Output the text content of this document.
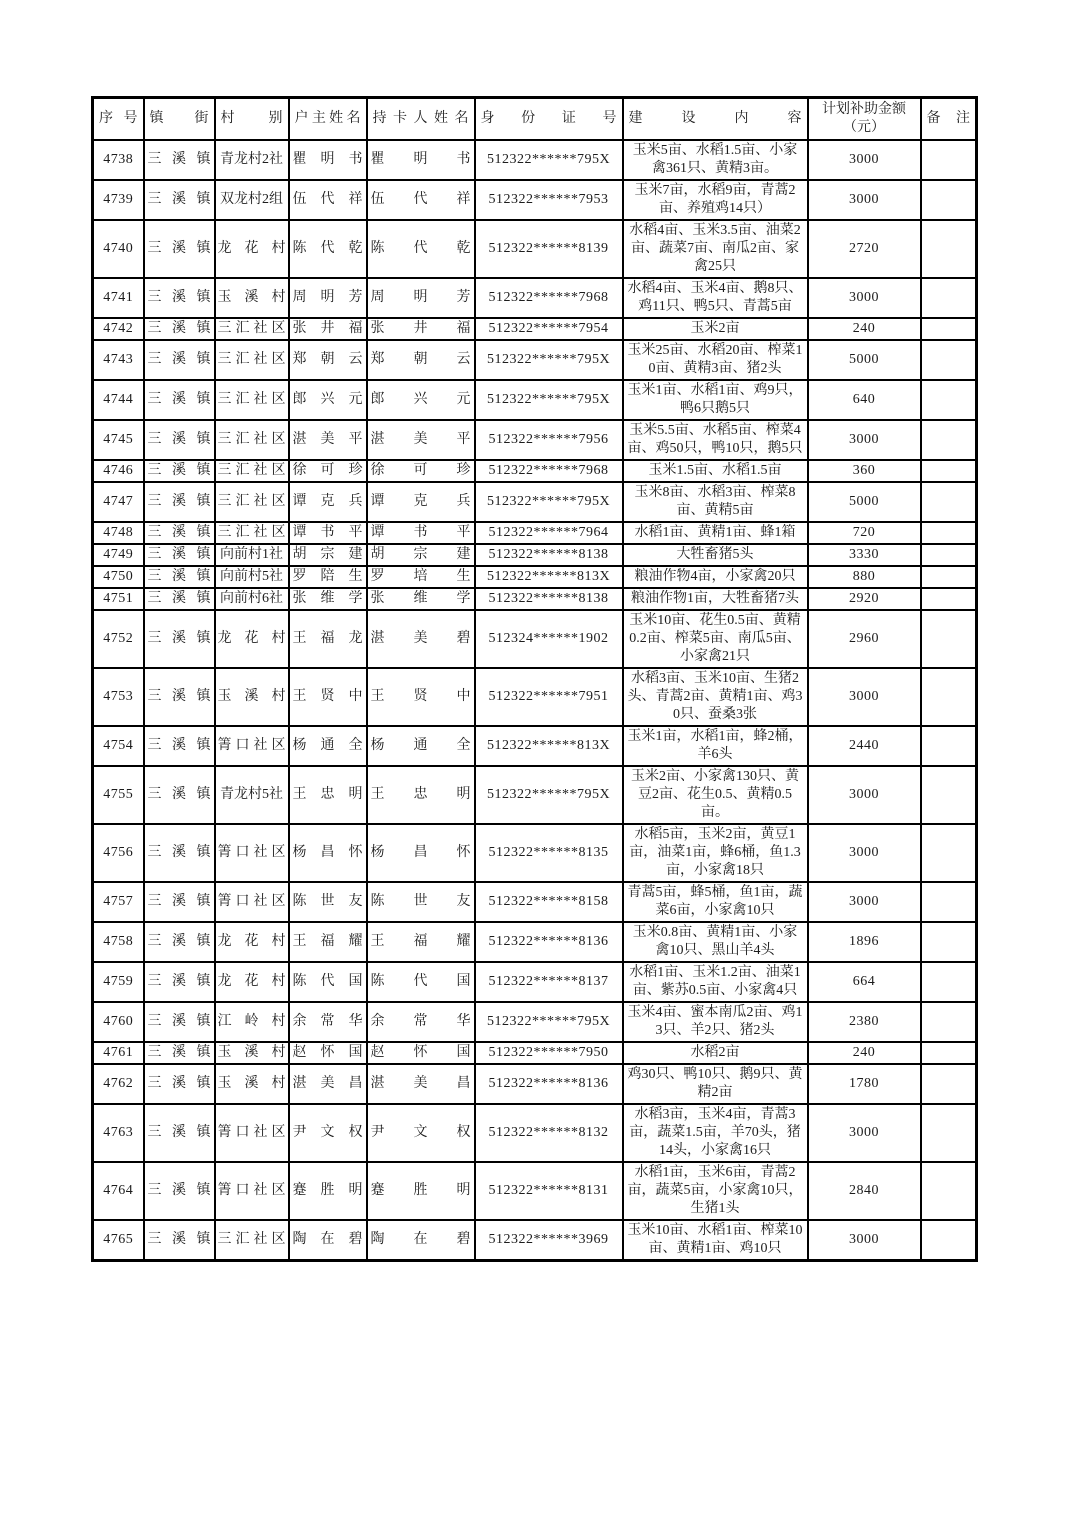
序号	镇街	村别	户主姓名	持卡人姓名	身份证号	建设内容	计划补助金额（元）	备注
4738	三溪镇	青龙村2社	瞿明书	瞿明书	512322******795X	玉米5亩、水稻1.5亩、小家禽361只、黄精3亩。	3000	
4739	三溪镇	双龙村2组	伍代祥	伍代祥	512322******7953	玉米7亩，水稻9亩，青蒿2亩、养殖鸡14只）	3000	
4740	三溪镇	龙花村	陈代乾	陈代乾	512322******8139	水稻4亩、玉米3.5亩、油菜2亩、蔬菜7亩、南瓜2亩、家禽25只	2720	
4741	三溪镇	玉溪村	周明芳	周明芳	512322******7968	水稻4亩、玉米4亩、鹅8只、鸡11只、鸭5只、青蒿5亩	3000	
4742	三溪镇	三汇社区	张井福	张井福	512322******7954	玉米2亩	240	
4743	三溪镇	三汇社区	郑朝云	郑朝云	512322******795X	玉米25亩、水稻20亩、榨菜10亩、黄精3亩、猪2头	5000	
4744	三溪镇	三汇社区	郎兴元	郎兴元	512322******795X	玉米1亩、水稻1亩、鸡9只，鸭6只鹅5只	640	
4745	三溪镇	三汇社区	湛美平	湛美平	512322******7956	玉米5.5亩、水稻5亩、榨菜4亩、鸡50只，鸭10只，鹅5只	3000	
4746	三溪镇	三汇社区	徐可珍	徐可珍	512322******7968	玉米1.5亩、水稻1.5亩	360	
4747	三溪镇	三汇社区	谭克兵	谭克兵	512322******795X	玉米8亩、水稻3亩、榨菜8亩、黄精5亩	5000	
4748	三溪镇	三汇社区	谭书平	谭书平	512322******7964	水稻1亩、黄精1亩、蜂1箱	720	
4749	三溪镇	向前村1社	胡宗建	胡宗建	512322******8138	大牲畜猪5头	3330	
4750	三溪镇	向前村5社	罗陪生	罗培生	512322******813X	粮油作物4亩，小家禽20只	880	
4751	三溪镇	向前村6社	张维学	张维学	512322******8138	粮油作物1亩，大牲畜猪7头	2920	
4752	三溪镇	龙花村	王福龙	湛美碧	512324******1902	玉米10亩、花生0.5亩、黄精0.2亩、榨菜5亩、南瓜5亩、小家禽21只	2960	
4753	三溪镇	玉溪村	王贤中	王贤中	512322******7951	水稻3亩、玉米10亩、生猪2头、青蒿2亩、黄精1亩、鸡30只、蚕桑3张	3000	
4754	三溪镇	箐口社区	杨通全	杨通全	512322******813X	玉米1亩，水稻1亩，蜂2桶，羊6头	2440	
4755	三溪镇	青龙村5社	王忠明	王忠明	512322******795X	玉米2亩、小家禽130只、黄豆2亩、花生0.5、黄精0.5亩。	3000	
4756	三溪镇	箐口社区	杨昌怀	杨昌怀	512322******8135	水稻5亩，玉米2亩，黄豆1亩，油菜1亩，蜂6桶，鱼1.3亩，小家禽18只	3000	
4757	三溪镇	箐口社区	陈世友	陈世友	512322******8158	青蒿5亩，蜂5桶，鱼1亩，蔬菜6亩，小家禽10只	3000	
4758	三溪镇	龙花村	王福耀	王福耀	512322******8136	玉米0.8亩、黄精1亩、小家禽10只、黑山羊4头	1896	
4759	三溪镇	龙花村	陈代国	陈代国	512322******8137	水稻1亩、玉米1.2亩、油菜1亩、紫苏0.5亩、小家禽4只	664	
4760	三溪镇	江岭村	余常华	余常华	512322******795X	玉米4亩、蜜本南瓜2亩、鸡13只、羊2只、猪2头	2380	
4761	三溪镇	玉溪村	赵怀国	赵怀国	512322******7950	水稻2亩	240	
4762	三溪镇	玉溪村	湛美昌	湛美昌	512322******8136	鸡30只、鸭10只、鹅9只、黄精2亩	1780	
4763	三溪镇	箐口社区	尹文权	尹文权	512322******8132	水稻3亩，玉米4亩，青蒿3亩，蔬菜1.5亩，羊70头，猪14头，小家禽16只	3000	
4764	三溪镇	箐口社区	蹇胜明	蹇胜明	512322******8131	水稻1亩，玉米6亩，青蒿2亩，蔬菜5亩，小家禽10只，生猪1头	2840	
4765	三溪镇	三汇社区	陶在碧	陶在碧	512322******3969	玉米10亩、水稻1亩、榨菜10亩、黄精1亩、鸡10只	3000	
